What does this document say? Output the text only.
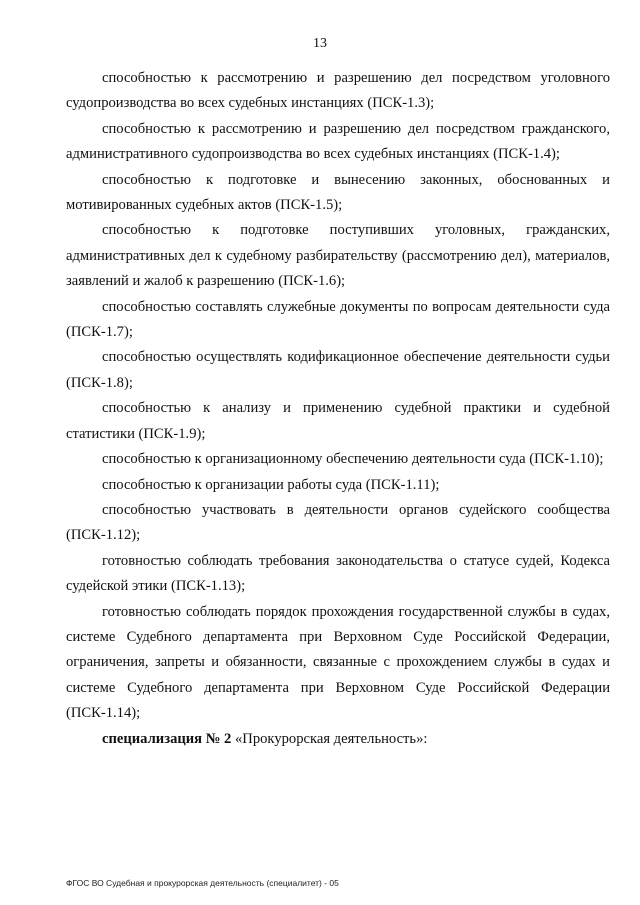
13

способностью к рассмотрению и разрешению дел посредством уголовного судопроизводства во всех судебных инстанциях (ПСК-1.3);

способностью к рассмотрению и разрешению дел посредством гражданского, административного судопроизводства во всех судебных инстанциях (ПСК-1.4);

способностью к подготовке и вынесению законных, обоснованных и мотивированных судебных актов (ПСК-1.5);

способностью к подготовке поступивших уголовных, гражданских, административных дел к судебному разбирательству (рассмотрению дел), материалов, заявлений и жалоб к разрешению (ПСК-1.6);

способностью составлять служебные документы по вопросам деятельности суда (ПСК-1.7);

способностью осуществлять кодификационное обеспечение деятельности судьи (ПСК-1.8);

способностью к анализу и применению судебной практики и судебной статистики (ПСК-1.9);

способностью к организационному обеспечению деятельности суда (ПСК-1.10);

способностью к организации работы суда (ПСК-1.11);

способностью участвовать в деятельности органов судейского сообщества (ПСК-1.12);

готовностью соблюдать требования законодательства о статусе судей, Кодекса судейской этики (ПСК-1.13);

готовностью соблюдать порядок прохождения государственной службы в судах, системе Судебного департамента при Верховном Суде Российской Федерации, ограничения, запреты и обязанности, связанные с прохождением службы в судах и системе Судебного департамента при Верховном Суде Российской Федерации (ПСК-1.14);

специализация № 2 «Прокурорская деятельность»:

ФГОС ВО Судебная и прокурорская деятельность (специалитет) - 05
